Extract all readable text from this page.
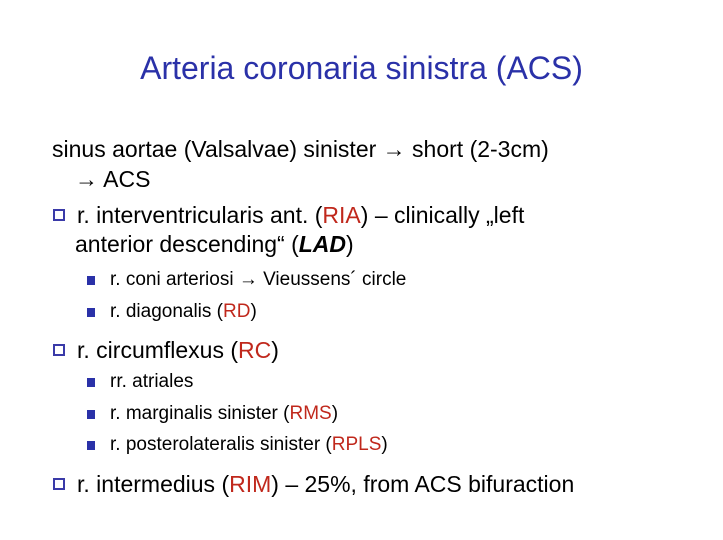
Arteria coronaria sinistra (ACS)
sinus aortae (Valsalvae) sinister → short (2-3cm)
→ ACS
r. interventricularis ant. (RIA) – clinically „left
anterior descending“ (LAD)
r. coni arteriosi → Vieussens´ circle
r. diagonalis (RD)
r. circumflexus (RC)
rr. atriales
r. marginalis sinister (RMS)
r. posterolateralis sinister (RPLS)
r. intermedius (RIM) – 25%, from ACS bifuraction
